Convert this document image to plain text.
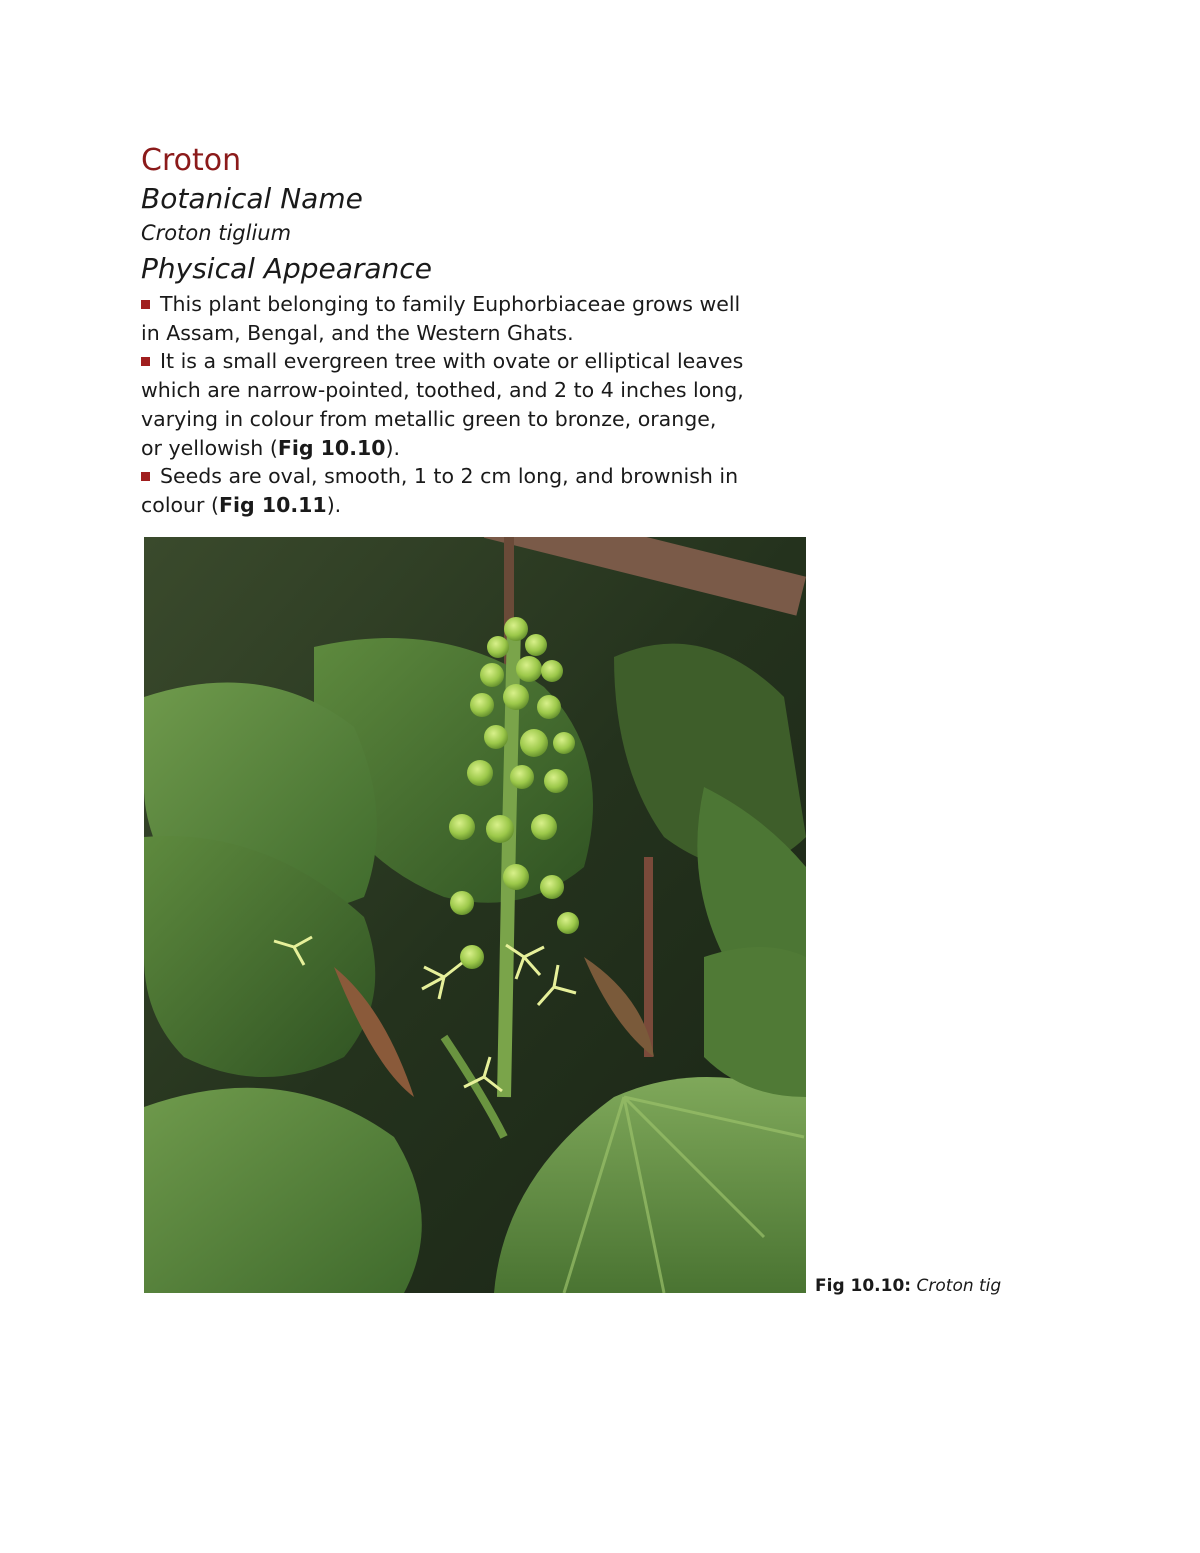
Croton
Botanical Name

Croton tiglium

Physical Appearance
This plant belonging to family Euphorbiaceae grows well
in Assam, Bengal, and the Western Ghats.
It is a small evergreen tree with ovate or elliptical leaves
which are narrow-pointed, toothed, and 2 to 4 inches long,
varying in colour from metallic green to bronze, orange,
or yellowish (Fig 10.10).
Seeds are oval, smooth, 1 to 2 cm long, and brownish in
colour (Fig 10.11).
Fig 10.10: Croton tig
